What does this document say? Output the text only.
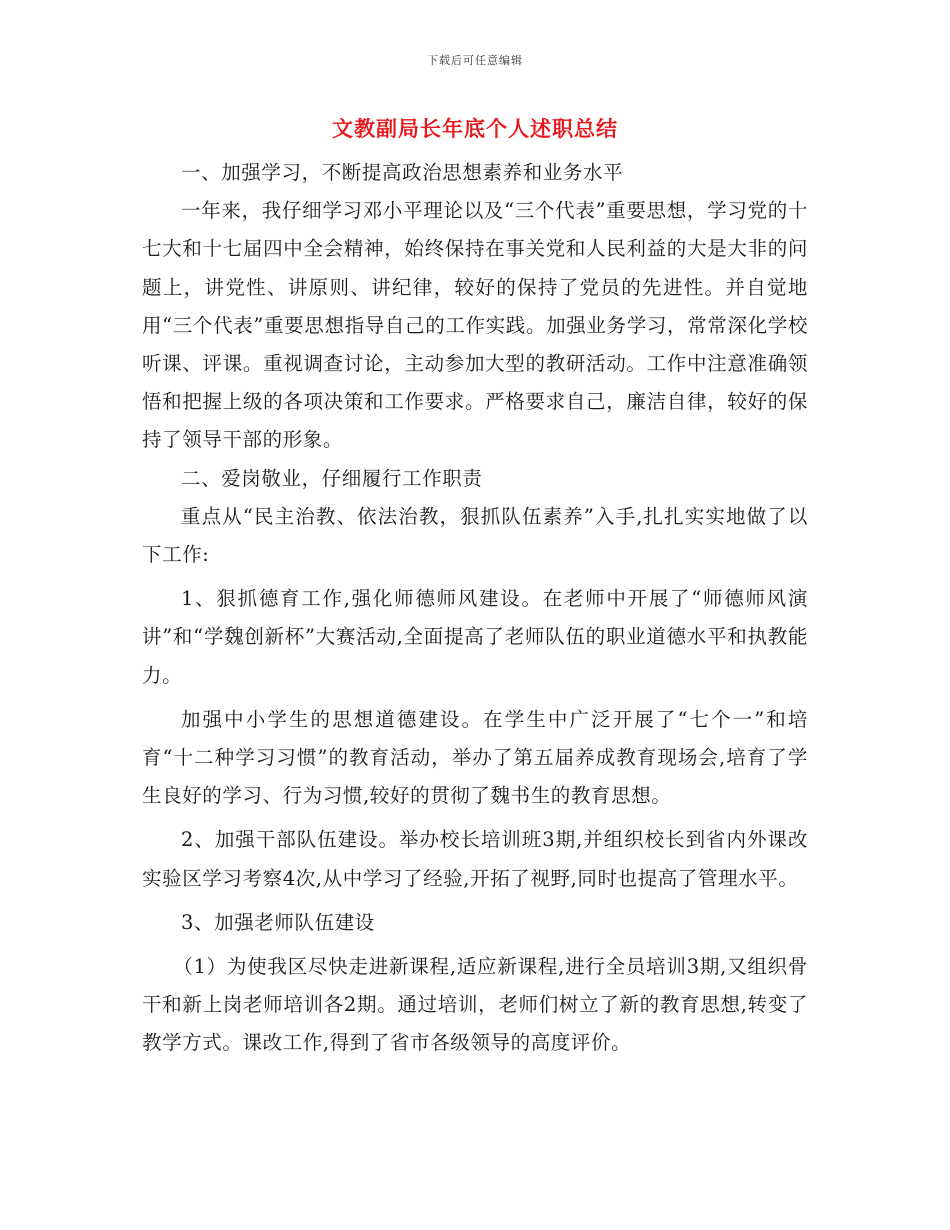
下载后可任意编辑
文教副局长年底个人述职总结

一、加强学习，不断提高政治思想素养和业务水平

一年来，我仔细学习邓小平理论以及“三个代表”重要思想，学习党的十七大和十七届四中全会精神，始终保持在事关党和人民利益的大是大非的问题上，讲党性、讲原则、讲纪律，较好的保持了党员的先进性。并自觉地用“三个代表”重要思想指导自己的工作实践。加强业务学习，常常深化学校听课、评课。重视调查讨论，主动参加大型的教研活动。工作中注意准确领悟和把握上级的各项决策和工作要求。严格要求自己，廉洁自律，较好的保持了领导干部的形象。

二、爱岗敬业，仔细履行工作职责

重点从“民主治教、依法治教，狠抓队伍素养”入手,扎扎实实地做了以下工作:

1、狠抓德育工作,强化师德师风建设。在老师中开展了“师德师风演讲”和“学魏创新杯”大赛活动,全面提高了老师队伍的职业道德水平和执教能力。

加强中小学生的思想道德建设。在学生中广泛开展了“七个一”和培育“十二种学习习惯”的教育活动，举办了第五届养成教育现场会,培育了学生良好的学习、行为习惯,较好的贯彻了魏书生的教育思想。

2、加强干部队伍建设。举办校长培训班3期,并组织校长到省内外课改实验区学习考察4次,从中学习了经验,开拓了视野,同时也提高了管理水平。

3、加强老师队伍建设

（1）为使我区尽快走进新课程,适应新课程,进行全员培训3期,又组织骨干和新上岗老师培训各2期。通过培训，老师们树立了新的教育思想,转变了教学方式。课改工作,得到了省市各级领导的高度评价。
